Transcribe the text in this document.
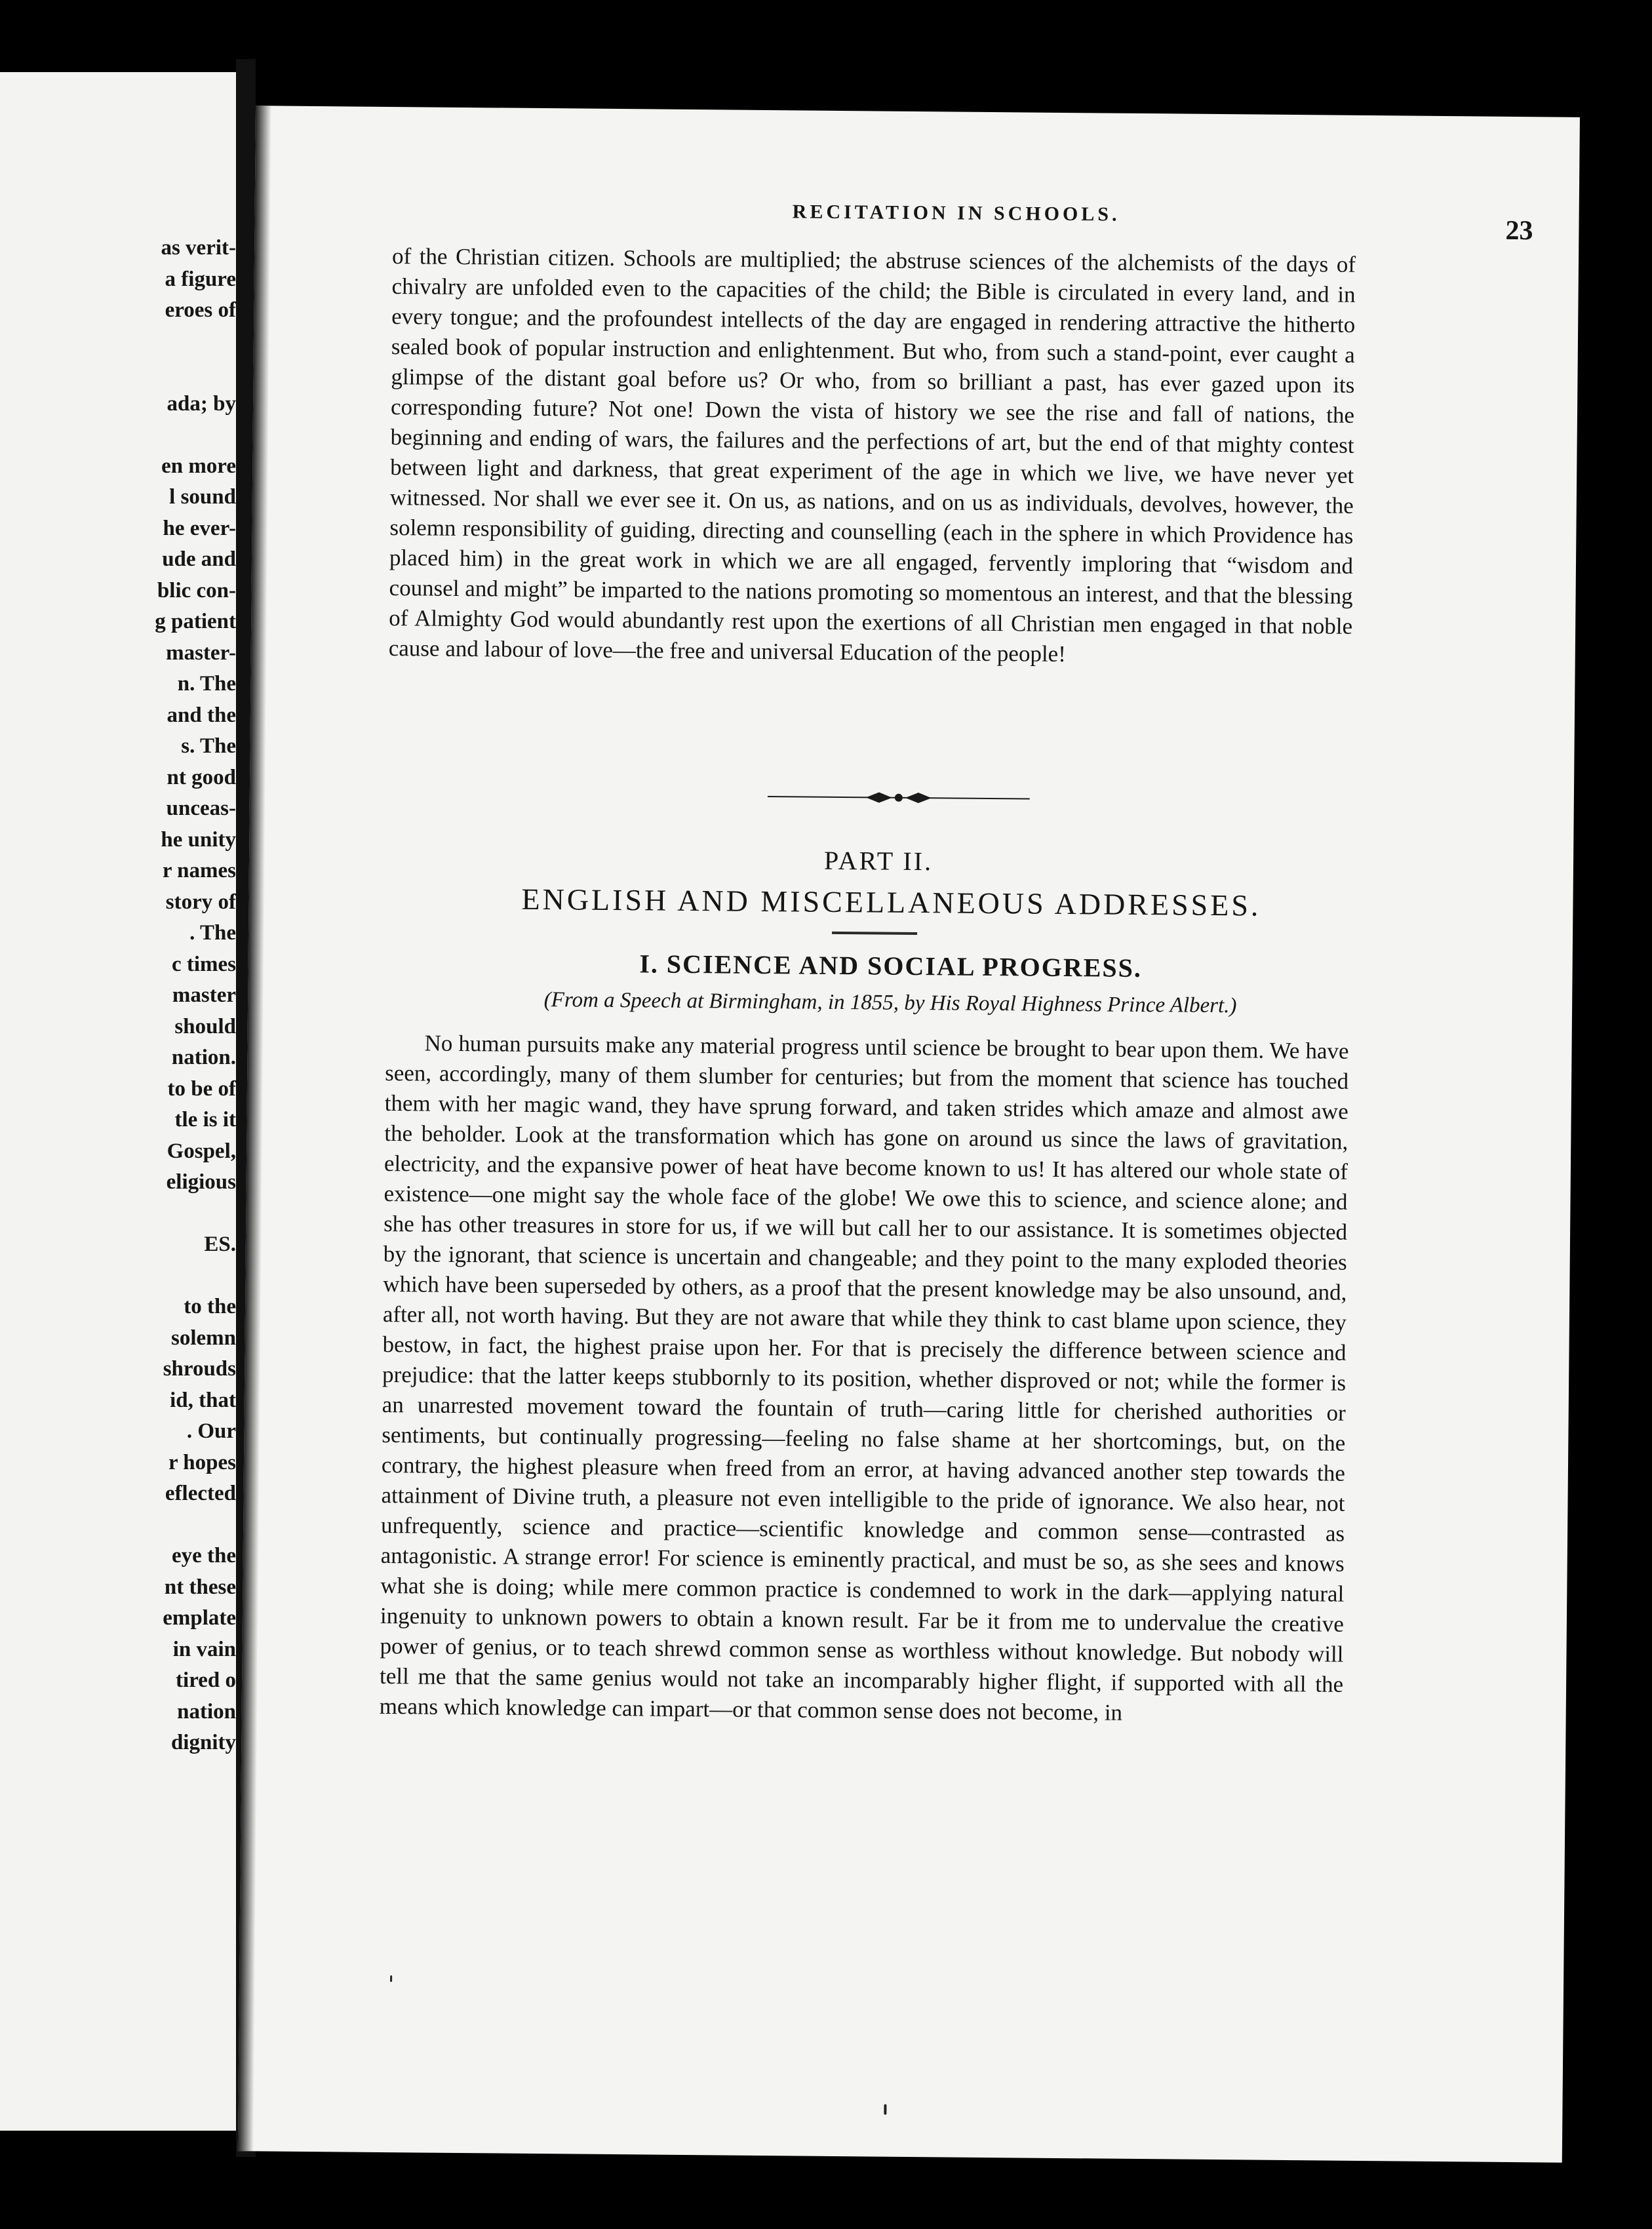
as verit-
a figure
eroes of
ada; by
en more
l sound
he ever-
ude and
blic con-
g patient
master-
n. The
and the
s. The
nt good
unceas-
he unity
r names
story of
. The
c times
master
should
nation.
to be of
tle is it
Gospel,
eligious
ES.
to the
solemn
shrouds
id, that
. Our
r hopes
eflected
eye the
nt these
emplate
in vain
tired o
nation
dignity
RECITATION IN SCHOOLS.
23

of the Christian citizen. Schools are multiplied; the abstruse sciences of the alchemists of the days of chivalry are unfolded even to the capacities of the child; the Bible is circulated in every land, and in every tongue; and the profoundest intellects of the day are engaged in rendering attractive the hitherto sealed book of popular instruction and enlightenment. But who, from such a stand-point, ever caught a glimpse of the distant goal before us? Or who, from so brilliant a past, has ever gazed upon its corresponding future? Not one! Down the vista of history we see the rise and fall of nations, the beginning and ending of wars, the failures and the perfections of art, but the end of that mighty contest between light and darkness, that great experiment of the age in which we live, we have never yet witnessed. Nor shall we ever see it. On us, as nations, and on us as individuals, devolves, however, the solemn responsibility of guiding, directing and counselling (each in the sphere in which Providence has placed him) in the great work in which we are all engaged, fervently imploring that “wisdom and counsel and might” be imparted to the nations promoting so momentous an interest, and that the blessing of Almighty God would abundantly rest upon the exertions of all Christian men engaged in that noble cause and labour of love—the free and universal Education of the people!

PART II.
ENGLISH AND MISCELLANEOUS ADDRESSES.
I. SCIENCE AND SOCIAL PROGRESS.
(From a Speech at Birmingham, in 1855, by His Royal Highness Prince Albert.)

No human pursuits make any material progress until science be brought to bear upon them. We have seen, accordingly, many of them slumber for centuries; but from the moment that science has touched them with her magic wand, they have sprung forward, and taken strides which amaze and almost awe the beholder. Look at the transformation which has gone on around us since the laws of gravitation, electricity, and the expansive power of heat have become known to us! It has altered our whole state of existence—one might say the whole face of the globe! We owe this to science, and science alone; and she has other treasures in store for us, if we will but call her to our assistance. It is sometimes objected by the ignorant, that science is uncertain and changeable; and they point to the many exploded theories which have been superseded by others, as a proof that the present knowledge may be also unsound, and, after all, not worth having. But they are not aware that while they think to cast blame upon science, they bestow, in fact, the highest praise upon her. For that is precisely the difference between science and prejudice: that the latter keeps stubbornly to its position, whether disproved or not; while the former is an unarrested movement toward the fountain of truth—caring little for cherished authorities or sentiments, but continually progressing—feeling no false shame at her shortcomings, but, on the contrary, the highest pleasure when freed from an error, at having advanced another step towards the attainment of Divine truth, a pleasure not even intelligible to the pride of ignorance. We also hear, not unfrequently, science and practice—scientific knowledge and common sense—contrasted as antagonistic. A strange error! For science is eminently practical, and must be so, as she sees and knows what she is doing; while mere common practice is condemned to work in the dark—applying natural ingenuity to unknown powers to obtain a known result. Far be it from me to undervalue the creative power of genius, or to teach shrewd common sense as worthless without knowledge. But nobody will tell me that the same genius would not take an incomparably higher flight, if supported with all the means which knowledge can impart—or that common sense does not become, in
